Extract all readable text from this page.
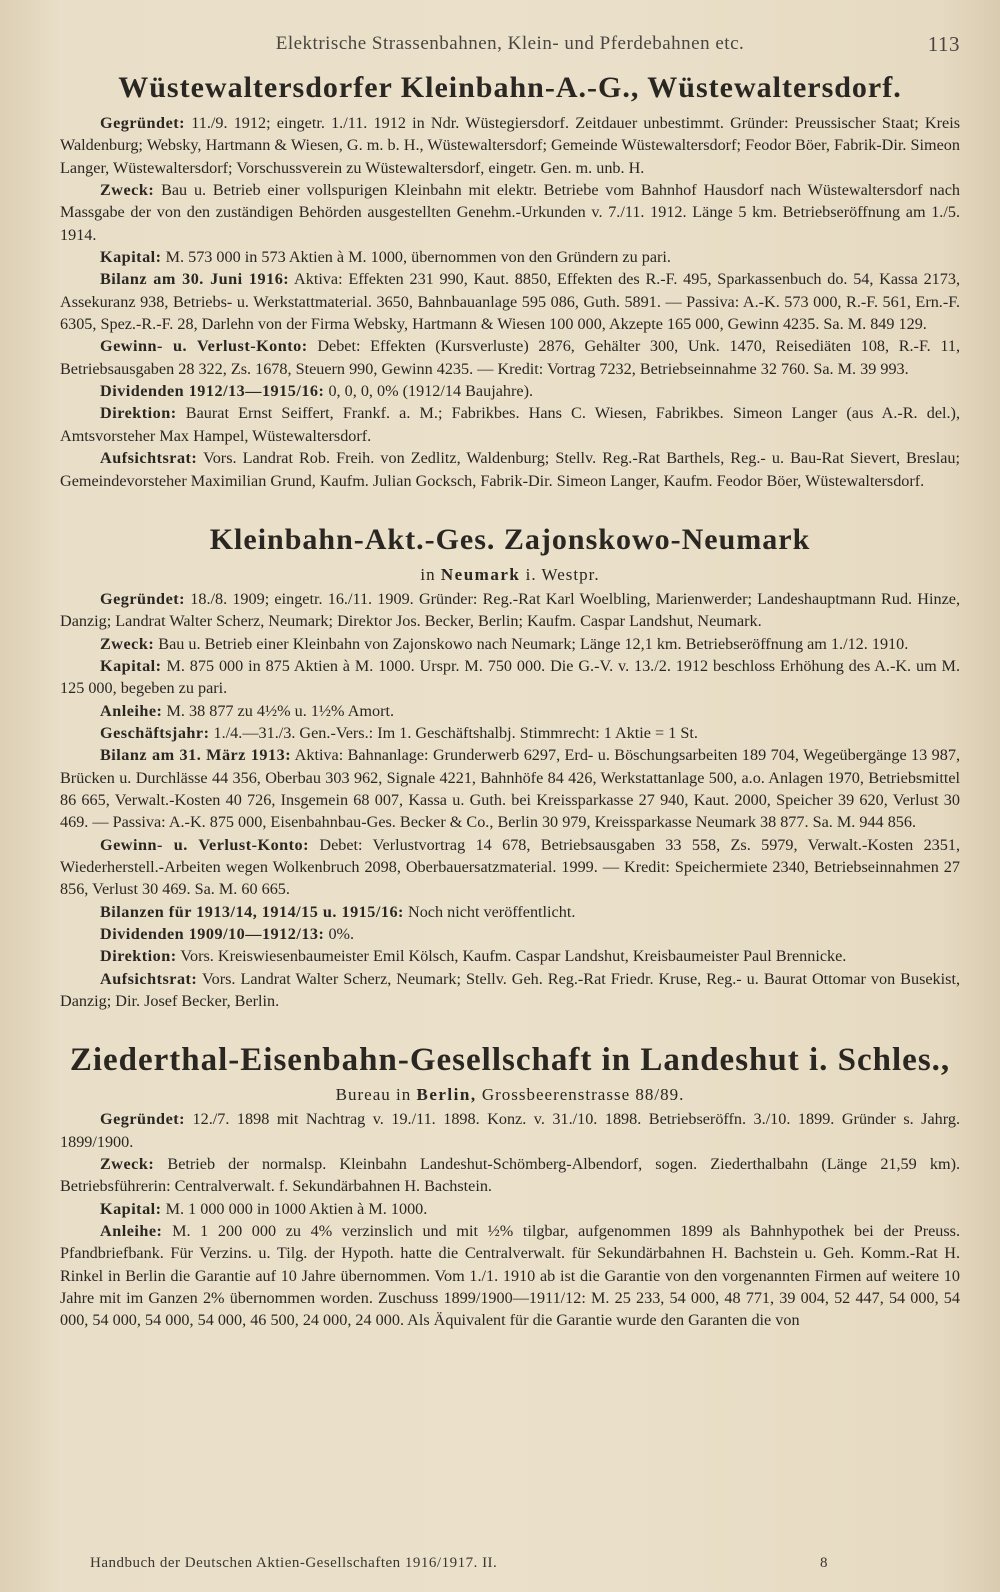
Elektrische Strassenbahnen, Klein- und Pferdebahnen etc.	113
Wüstewaltersdorfer Kleinbahn-A.-G., Wüstewaltersdorf.

Gegründet: 11./9. 1912; eingetr. 1./11. 1912 in Ndr. Wüstegiersdorf. Zeitdauer unbestimmt. Gründer: Preussischer Staat; Kreis Waldenburg; Websky, Hartmann & Wiesen, G. m. b. H., Wüstewaltersdorf; Gemeinde Wüstewaltersdorf; Feodor Böer, Fabrik-Dir. Simeon Langer, Wüstewaltersdorf; Vorschussverein zu Wüstewaltersdorf, eingetr. Gen. m. unb. H.

Zweck: Bau u. Betrieb einer vollspurigen Kleinbahn mit elektr. Betriebe vom Bahnhof Hausdorf nach Wüstewaltersdorf nach Massgabe der von den zuständigen Behörden ausgestellten Genehm.-Urkunden v. 7./11. 1912. Länge 5 km. Betriebseröffnung am 1./5. 1914.

Kapital: M. 573 000 in 573 Aktien à M. 1000, übernommen von den Gründern zu pari.

Bilanz am 30. Juni 1916: Aktiva: Effekten 231 990, Kaut. 8850, Effekten des R.-F. 495, Sparkassenbuch do. 54, Kassa 2173, Assekuranz 938, Betriebs- u. Werkstattmaterial. 3650, Bahnbauanlage 595 086, Guth. 5891. — Passiva: A.-K. 573 000, R.-F. 561, Ern.-F. 6305, Spez.-R.-F. 28, Darlehn von der Firma Websky, Hartmann & Wiesen 100 000, Akzepte 165 000, Gewinn 4235. Sa. M. 849 129.

Gewinn- u. Verlust-Konto: Debet: Effekten (Kursverluste) 2876, Gehälter 300, Unk. 1470, Reisediäten 108, R.-F. 11, Betriebsausgaben 28 322, Zs. 1678, Steuern 990, Gewinn 4235. — Kredit: Vortrag 7232, Betriebseinnahme 32 760. Sa. M. 39 993.

Dividenden 1912/13—1915/16: 0, 0, 0, 0% (1912/14 Baujahre).

Direktion: Baurat Ernst Seiffert, Frankf. a. M.; Fabrikbes. Hans C. Wiesen, Fabrikbes. Simeon Langer (aus A.-R. del.), Amtsvorsteher Max Hampel, Wüstewaltersdorf.

Aufsichtsrat: Vors. Landrat Rob. Freih. von Zedlitz, Waldenburg; Stellv. Reg.-Rat Barthels, Reg.- u. Bau-Rat Sievert, Breslau; Gemeindevorsteher Maximilian Grund, Kaufm. Julian Gocksch, Fabrik-Dir. Simeon Langer, Kaufm. Feodor Böer, Wüstewaltersdorf.

Kleinbahn-Akt.-Ges. Zajonskowo-Neumark
in Neumark i. Westpr.

Gegründet: 18./8. 1909; eingetr. 16./11. 1909. Gründer: Reg.-Rat Karl Woelbling, Marienwerder; Landeshauptmann Rud. Hinze, Danzig; Landrat Walter Scherz, Neumark; Direktor Jos. Becker, Berlin; Kaufm. Caspar Landshut, Neumark.

Zweck: Bau u. Betrieb einer Kleinbahn von Zajonskowo nach Neumark; Länge 12,1 km. Betriebseröffnung am 1./12. 1910.

Kapital: M. 875 000 in 875 Aktien à M. 1000. Urspr. M. 750 000. Die G.-V. v. 13./2. 1912 beschloss Erhöhung des A.-K. um M. 125 000, begeben zu pari.

Anleihe: M. 38 877 zu 4½% u. 1½% Amort.

Geschäftsjahr: 1./4.—31./3. Gen.-Vers.: Im 1. Geschäftshalbj. Stimmrecht: 1 Aktie = 1 St.

Bilanz am 31. März 1913: Aktiva: Bahnanlage: Grunderwerb 6297, Erd- u. Böschungsarbeiten 189 704, Wegeübergänge 13 987, Brücken u. Durchlässe 44 356, Oberbau 303 962, Signale 4221, Bahnhöfe 84 426, Werkstattanlage 500, a.o. Anlagen 1970, Betriebsmittel 86 665, Verwalt.-Kosten 40 726, Insgemein 68 007, Kassa u. Guth. bei Kreissparkasse 27 940, Kaut. 2000, Speicher 39 620, Verlust 30 469. — Passiva: A.-K. 875 000, Eisenbahnbau-Ges. Becker & Co., Berlin 30 979, Kreissparkasse Neumark 38 877. Sa. M. 944 856.

Gewinn- u. Verlust-Konto: Debet: Verlustvortrag 14 678, Betriebsausgaben 33 558, Zs. 5979, Verwalt.-Kosten 2351, Wiederherstell.-Arbeiten wegen Wolkenbruch 2098, Oberbauersatzmaterial. 1999. — Kredit: Speichermiete 2340, Betriebseinnahmen 27 856, Verlust 30 469. Sa. M. 60 665.

Bilanzen für 1913/14, 1914/15 u. 1915/16: Noch nicht veröffentlicht.

Dividenden 1909/10—1912/13: 0%.

Direktion: Vors. Kreiswiesenbaumeister Emil Kölsch, Kaufm. Caspar Landshut, Kreisbaumeister Paul Brennicke.

Aufsichtsrat: Vors. Landrat Walter Scherz, Neumark; Stellv. Geh. Reg.-Rat Friedr. Kruse, Reg.- u. Baurat Ottomar von Busekist, Danzig; Dir. Josef Becker, Berlin.

Ziederthal-Eisenbahn-Gesellschaft in Landeshut i. Schles.,
Bureau in Berlin, Grossbeerenstrasse 88/89.

Gegründet: 12./7. 1898 mit Nachtrag v. 19./11. 1898. Konz. v. 31./10. 1898. Betriebseröffn. 3./10. 1899. Gründer s. Jahrg. 1899/1900.

Zweck: Betrieb der normalsp. Kleinbahn Landeshut-Schömberg-Albendorf, sogen. Ziederthalbahn (Länge 21,59 km). Betriebsführerin: Centralverwalt. f. Sekundärbahnen H. Bachstein.

Kapital: M. 1 000 000 in 1000 Aktien à M. 1000.

Anleihe: M. 1 200 000 zu 4% verzinslich und mit ½% tilgbar, aufgenommen 1899 als Bahnhypothek bei der Preuss. Pfandbriefbank. Für Verzins. u. Tilg. der Hypoth. hatte die Centralverwalt. für Sekundärbahnen H. Bachstein u. Geh. Komm.-Rat H. Rinkel in Berlin die Garantie auf 10 Jahre übernommen. Vom 1./1. 1910 ab ist die Garantie von den vorgenannten Firmen auf weitere 10 Jahre mit im Ganzen 2% übernommen worden. Zuschuss 1899/1900—1911/12: M. 25 233, 54 000, 48 771, 39 004, 52 447, 54 000, 54 000, 54 000, 54 000, 54 000, 46 500, 24 000, 24 000. Als Äquivalent für die Garantie wurde den Garanten die von

Handbuch der Deutschen Aktien-Gesellschaften 1916/1917. II.	8
